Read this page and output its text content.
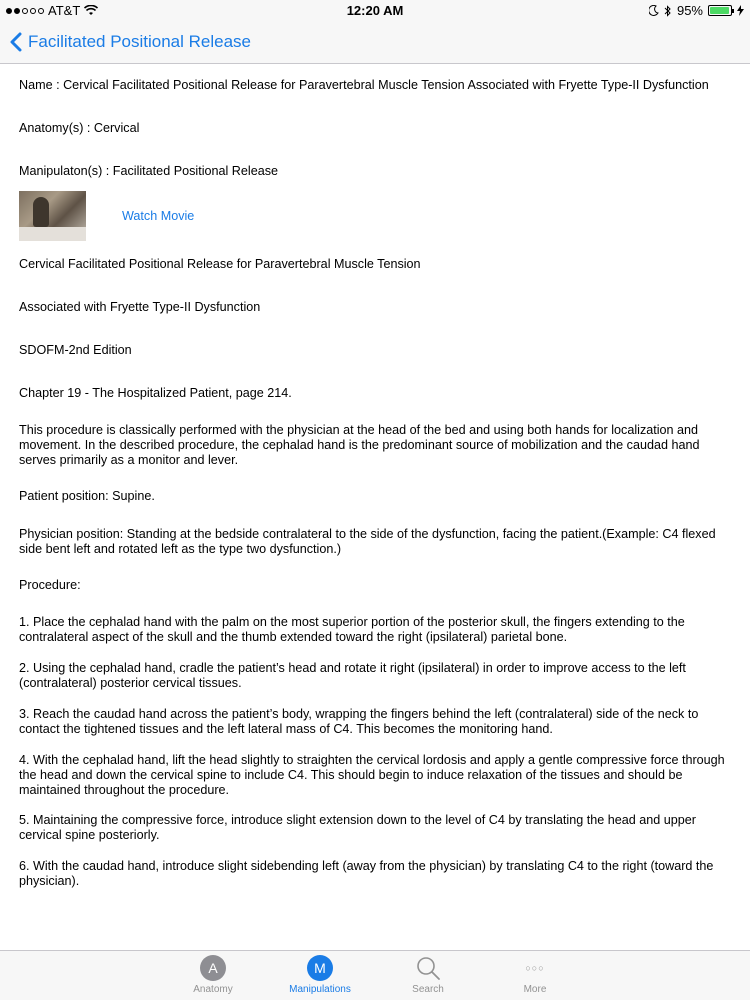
AT&T	12:20 AM	95%
Facilitated Positional Release

Name : Cervical Facilitated Positional Release for Paravertebral Muscle Tension Associated with Fryette Type-II Dysfunction

Anatomy(s) : Cervical

Manipulaton(s) : Facilitated Positional Release

Watch Movie

Cervical Facilitated Positional Release for Paravertebral Muscle Tension

Associated with Fryette Type-II Dysfunction

SDOFM-2nd Edition

Chapter 19 - The Hospitalized Patient, page 214.

This procedure is classically performed with the physician at the head of the bed and using both hands for localization and movement. In the described procedure, the cephalad hand is the predominant source of mobilization and the caudad hand serves primarily as a monitor and lever.

Patient position: Supine.

Physician position: Standing at the bedside contralateral to the side of the dysfunction, facing the patient.(Example: C4 flexed side bent left and rotated left as the type two dysfunction.)

Procedure:

1. Place the cephalad hand with the palm on the most superior portion of the posterior skull, the fingers extending to the contralateral aspect of the skull and the thumb extended toward the right (ipsilateral) parietal bone.

2. Using the cephalad hand, cradle the patient’s head and rotate it right (ipsilateral) in order to improve access to the left (contralateral) posterior cervical tissues.

3. Reach the caudad hand across the patient’s body, wrapping the fingers behind the left (contralateral) side of the neck to contact the tightened tissues and the left lateral mass of C4. This becomes the monitoring hand.

4. With the cephalad hand, lift the head slightly to straighten the cervical lordosis and apply a gentle compressive force through the head and down the cervical spine to include C4. This should begin to induce relaxation of the tissues and should be maintained throughout the procedure.

5. Maintaining the compressive force, introduce slight extension down to the level of C4 by translating the head and upper cervical spine posteriorly.

6. With the caudad hand, introduce slight sidebending left (away from the physician) by translating C4 to the right (toward the physician).

A
Anatomy
M
Manipulations	Search
○○○
More
